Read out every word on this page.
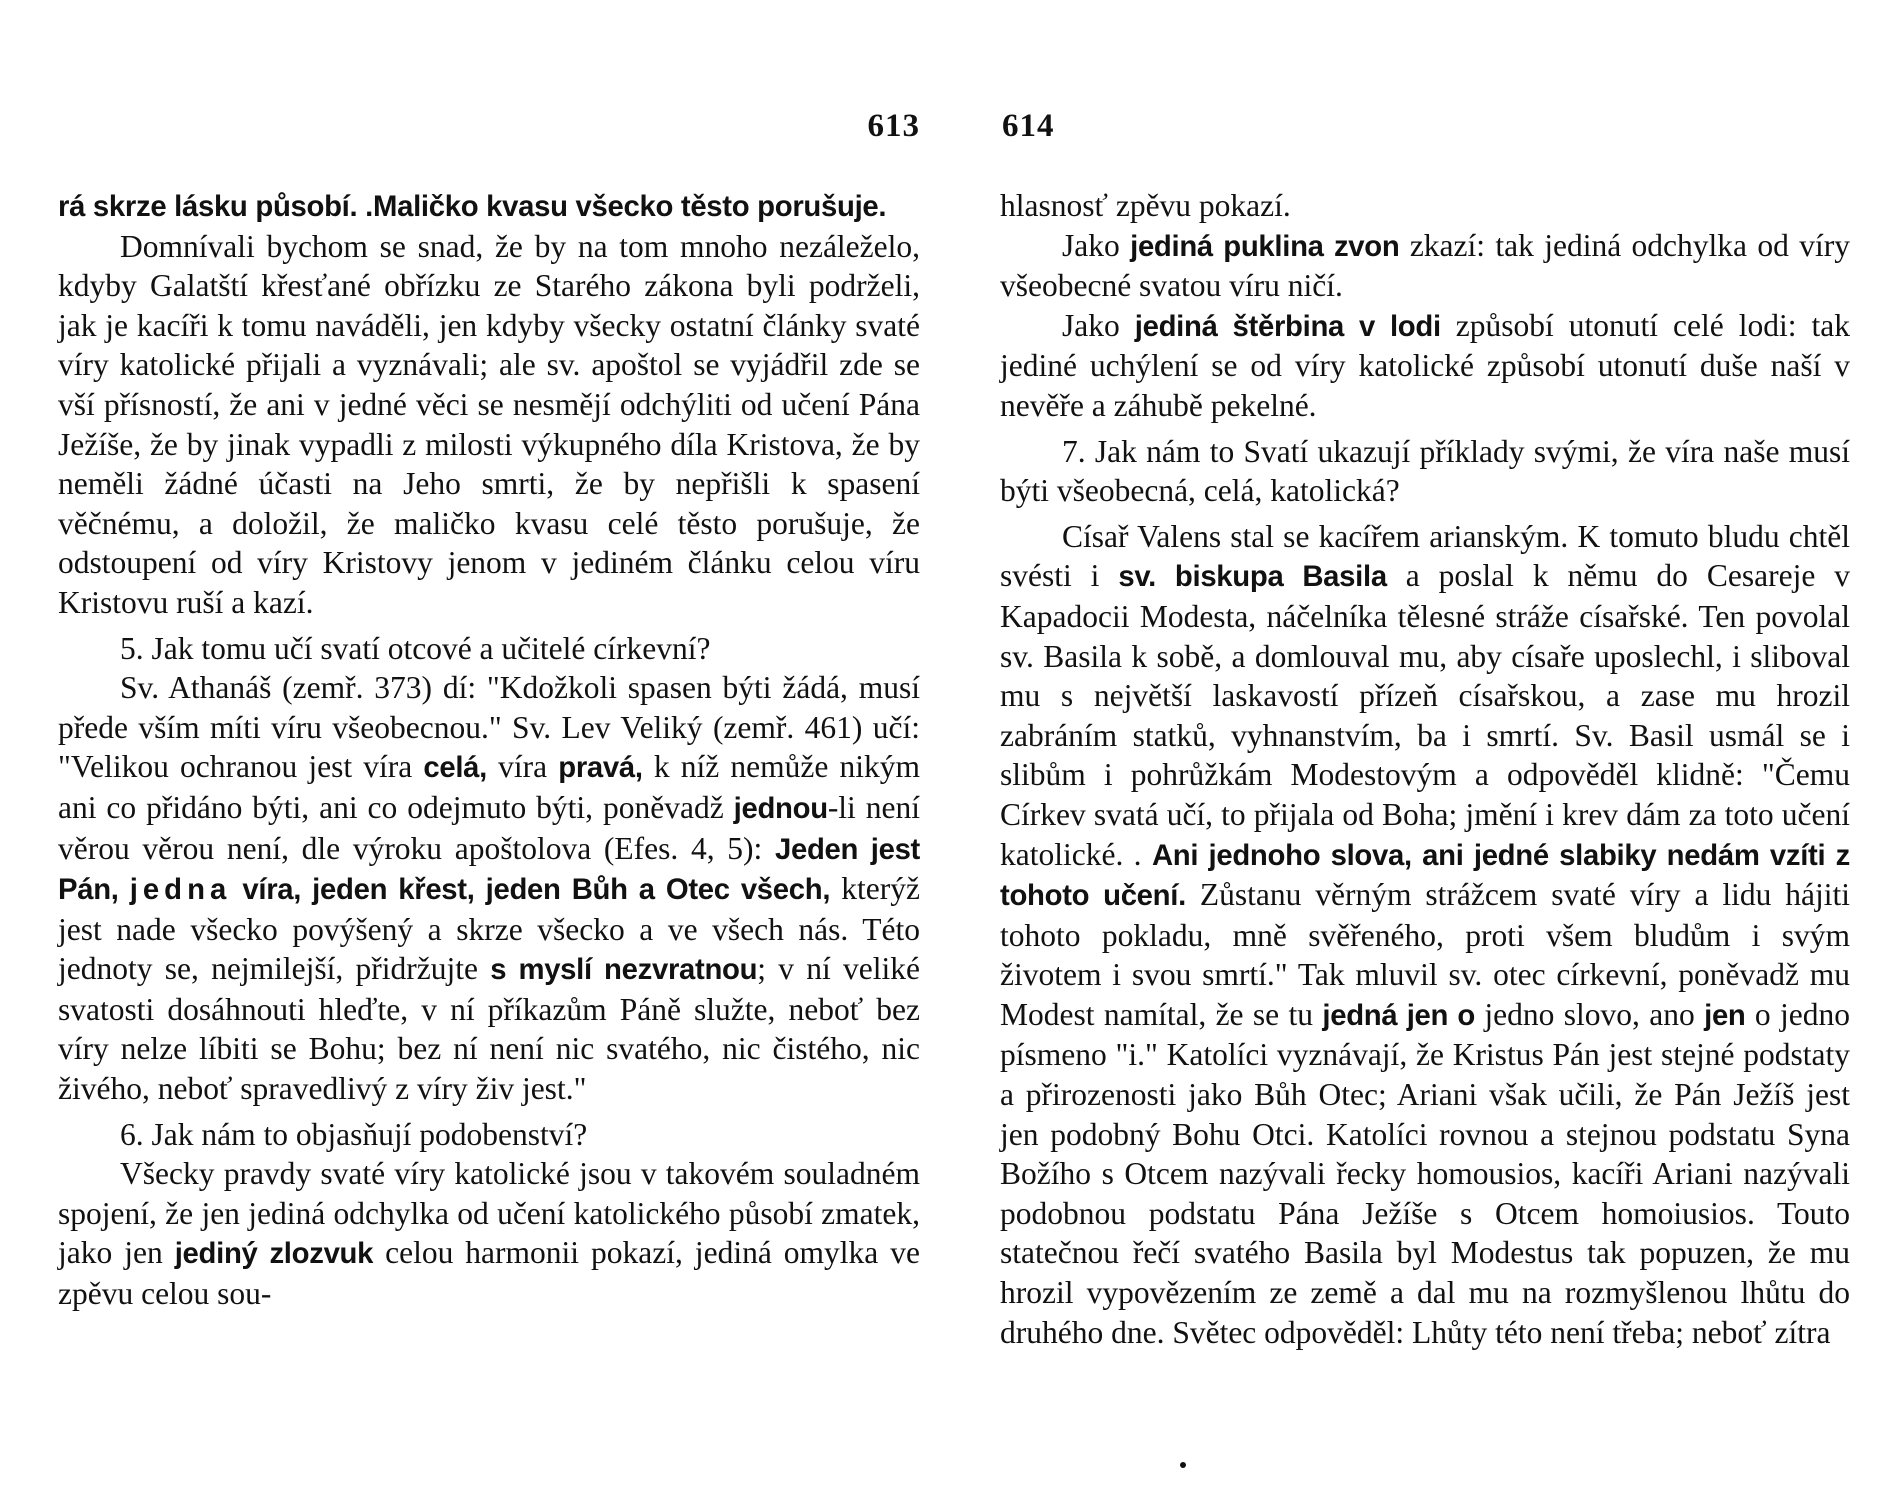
613

rá skrze lásku působí. .Maličko kvasu všecko těsto porušuje.

Domnívali bychom se snad, že by na tom mnoho nezáleželo, kdyby Galatští křesťané obřízku ze Starého zákona byli podrželi, jak je kacíři k tomu naváděli, jen kdyby všecky ostatní články svaté víry katolické přijali a vyznávali; ale sv. apoštol se vyjádřil zde se vší přísností, že ani v jedné věci se nesmějí odchýliti od učení Pána Ježíše, že by jinak vypadli z milosti výkupného díla Kristova, že by neměli žádné účasti na Jeho smrti, že by nepřišli k spasení věčnému, a doložil, že maličko kvasu celé těsto porušuje, že odstoupení od víry Kristovy jenom v jediném článku celou víru Kristovu ruší a kazí.

5. Jak tomu učí svatí otcové a učitelé církevní?

Sv. Athanáš (zemř. 373) dí: "Kdožkoli spasen býti žádá, musí přede vším míti víru všeobecnou." Sv. Lev Veliký (zemř. 461) učí: "Velikou ochranou jest víra celá, víra pravá, k níž nemůže nikým ani co přidáno býti, ani co odejmuto býti, poněvadž jednou-li není věrou věrou není, dle výroku apoštolova (Efes. 4, 5): Jeden jest Pán, jedna víra, jeden křest, jeden Bůh a Otec všech, kterýž jest nade všecko povýšený a skrze všecko a ve všech nás. Této jednoty se, nejmilejší, přidržujte s myslí nezvratnou; v ní veliké svatosti dosáhnouti hleďte, v ní příkazům Páně služte, neboť bez víry nelze líbiti se Bohu; bez ní není nic svatého, nic čistého, nic živého, neboť spravedlivý z víry živ jest."

6. Jak nám to objasňují podobenství?

Všecky pravdy svaté víry katolické jsou v takovém souladném spojení, že jen jediná odchylka od učení katolického působí zmatek, jako jen jediný zlozvuk celou harmonii pokazí, jediná omylka ve zpěvu celou sou-

614

hlasnosť zpěvu pokazí.

Jako jediná puklina zvon zkazí: tak jediná odchylka od víry všeobecné svatou víru ničí.

Jako jediná štěrbina v lodi způsobí utonutí celé lodi: tak jediné uchýlení se od víry katolické způsobí utonutí duše naší v nevěře a záhubě pekelné.

7. Jak nám to Svatí ukazují příklady svými, že víra naše musí býti všeobecná, celá, katolická?

Císař Valens stal se kacířem arianským. K tomuto bludu chtěl svésti i sv. biskupa Basila a poslal k němu do Cesareje v Kapadocii Modesta, náčelníka tělesné stráže císařské. Ten povolal sv. Basila k sobě, a domlouval mu, aby císaře uposlechl, i sliboval mu s největší laskavostí přízeň císařskou, a zase mu hrozil zabráním statků, vyhnanstvím, ba i smrtí. Sv. Basil usmál se i slibům i pohrůžkám Modestovým a odpověděl klidně: "Čemu Církev svatá učí, to přijala od Boha; jmění i krev dám za toto učení katolické. . Ani jednoho slova, ani jedné slabiky nedám vzíti z tohoto učení. Zůstanu věrným strážcem svaté víry a lidu hájiti tohoto pokladu, mně svěřeného, proti všem bludům i svým životem i svou smrtí." Tak mluvil sv. otec církevní, poněvadž mu Modest namítal, že se tu jedná jen o jedno slovo, ano jen o jedno písmeno "i." Katolíci vyznávají, že Kristus Pán jest stejné podstaty a přirozenosti jako Bůh Otec; Ariani však učili, že Pán Ježíš jest jen podobný Bohu Otci. Katolíci rovnou a stejnou podstatu Syna Božího s Otcem nazývali řecky homousios, kacíři Ariani nazývali podobnou podstatu Pána Ježíše s Otcem homoiusios. Touto statečnou řečí svatého Basila byl Modestus tak popuzen, že mu hrozil vypovězením ze země a dal mu na rozmyšlenou lhůtu do druhého dne. Světec odpověděl: Lhůty této není třeba; neboť zítra
